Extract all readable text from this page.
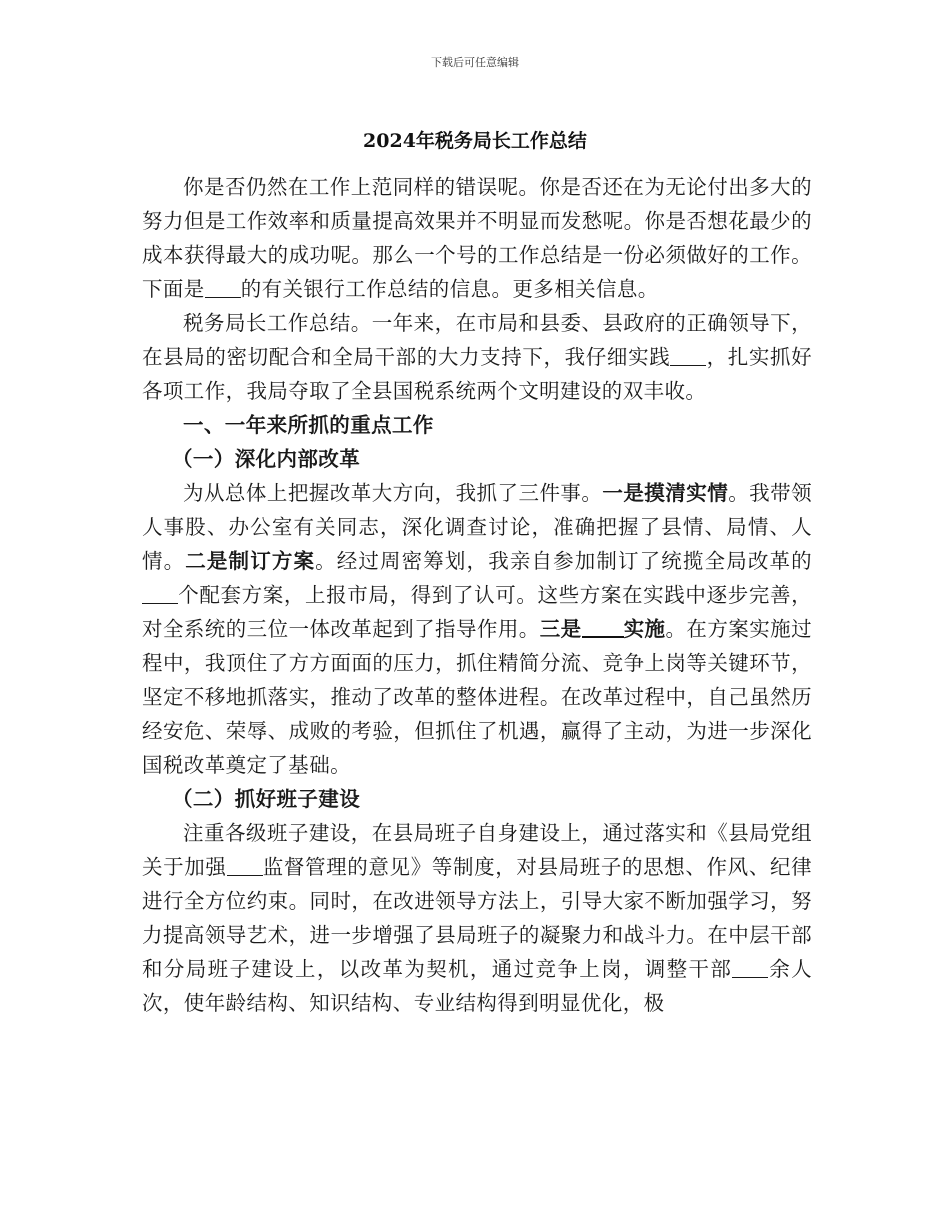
下载后可任意编辑
2024年税务局长工作总结

你是否仍然在工作上范同样的错误呢。你是否还在为无论付出多大的努力但是工作效率和质量提高效果并不明显而发愁呢。你是否想花最少的成本获得最大的成功呢。那么一个号的工作总结是一份必须做好的工作。下面是 的有关银行工作总结的信息。更多相关信息。

税务局长工作总结。一年来，在市局和县委、县政府的正确领导下，在县局的密切配合和全局干部的大力支持下，我仔细实践 ，扎实抓好各项工作，我局夺取了全县国税系统两个文明建设的双丰收。

一、一年来所抓的重点工作
（一）深化内部改革

为从总体上把握改革大方向，我抓了三件事。一是摸清实情。我带领人事股、办公室有关同志，深化调查讨论，准确把握了县情、局情、人情。二是制订方案。经过周密筹划，我亲自参加制订了统揽全局改革的个配套方案，上报市局，得到了认可。这些方案在实践中逐步完善，对全系统的三位一体改革起到了指导作用。三是 实施。在方案实施过程中，我顶住了方方面面的压力，抓住精简分流、竞争上岗等关键环节，坚定不移地抓落实，推动了改革的整体进程。在改革过程中，自己虽然历经安危、荣辱、成败的考验，但抓住了机遇，赢得了主动，为进一步深化国税改革奠定了基础。

（二）抓好班子建设

注重各级班子建设，在县局班子自身建设上，通过落实和《县局党组关于加强 监督管理的意见》等制度，对县局班子的思想、作风、纪律进行全方位约束。同时，在改进领导方法上，引导大家不断加强学习，努力提高领导艺术，进一步增强了县局班子的凝聚力和战斗力。在中层干部和分局班子建设上，以改革为契机，通过竞争上岗，调整干部 余人次，使年龄结构、知识结构、专业结构得到明显优化，极
